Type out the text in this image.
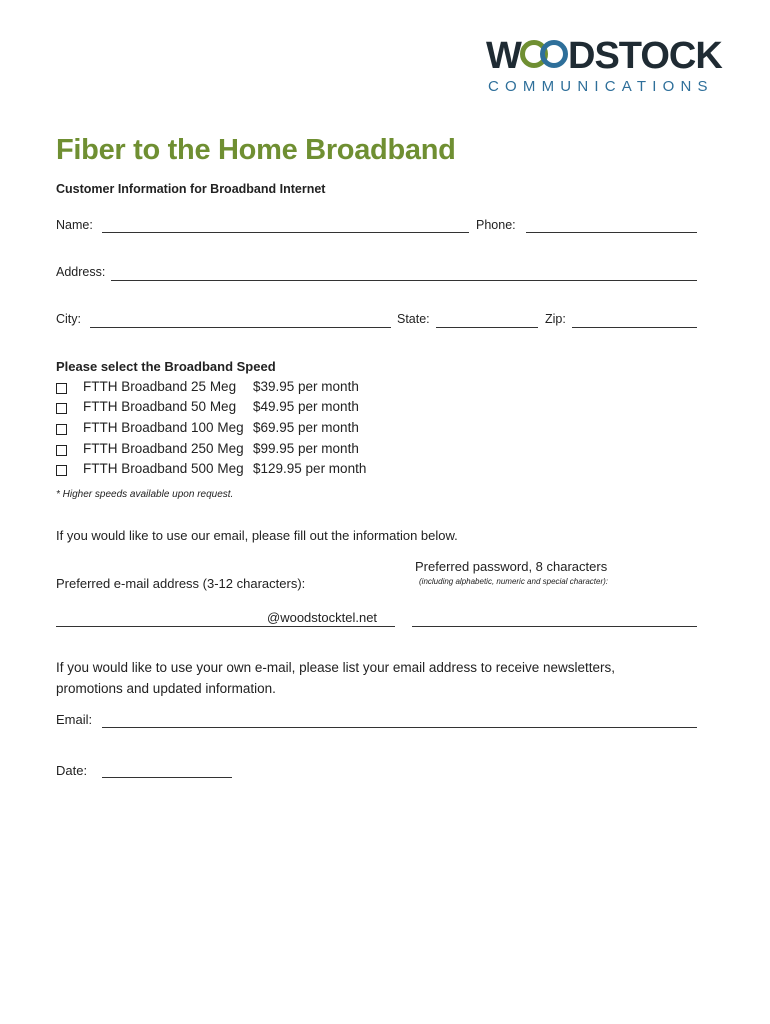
W DSTOCK
COMMUNICATIONS
Fiber to the Home Broadband
Customer Information for Broadband Internet
Name:	Phone:
Address:
City:	State:	Zip:
Please select the Broadband Speed
FTTH Broadband 25 Meg $39.95 per month
FTTH Broadband 50 Meg $49.95 per month
FTTH Broadband 100 Meg $69.95 per month
FTTH Broadband 250 Meg $99.95 per month
FTTH Broadband 500 Meg $129.95 per month
* Higher speeds available upon request.
If you would like to use our email, please fill out the information below.
Preferred password, 8 characters
(including alphabetic, numeric and special character):
Preferred e-mail address (3-12 characters):
@woodstocktel.net
If you would like to use your own e-mail, please list your email address to receive newsletters, promotions and updated information.
Email:
Date:
